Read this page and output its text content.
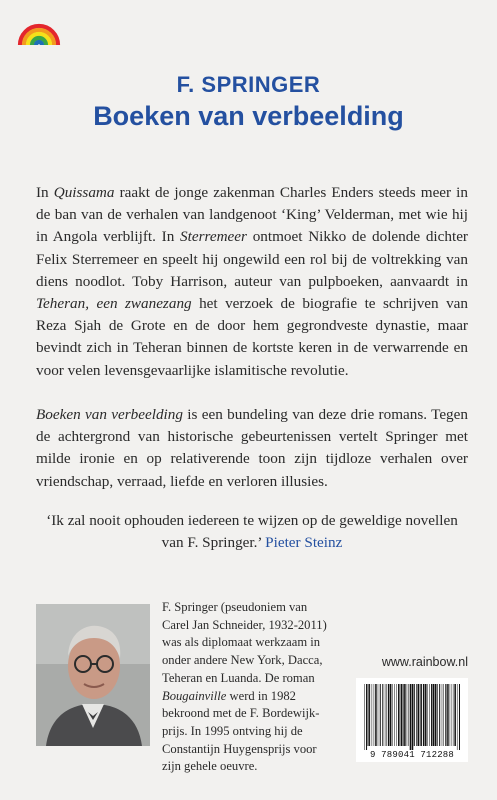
F. SPRINGER
Boeken van verbeelding

In Quissama raakt de jonge zakenman Charles Enders steeds meer in de ban van de verhalen van landgenoot ‘King’ Velderman, met wie hij in Angola verblijft. In Sterremeer ontmoet Nikko de dolende dichter Felix Sterremeer en speelt hij ongewild een rol bij de voltrekking van diens noodlot. Toby Harrison, auteur van pulpboeken, aanvaardt in Teheran, een zwanezang het verzoek de biografie te schrijven van Reza Sjah de Grote en de door hem gegrondveste dynastie, maar bevindt zich in Teheran binnen de kortste keren in de verwarrende en voor velen levensgevaarlijke islamitische revolutie.

Boeken van verbeelding is een bundeling van deze drie romans. Tegen de achtergrond van historische gebeurtenissen vertelt Springer met milde ironie en op relativerende toon zijn tijdloze verhalen over vriendschap, verraad, liefde en verloren illusies.

‘Ik zal nooit ophouden iedereen te wijzen op de geweldige novellen van F. Springer.’ Pieter Steinz

F. Springer (pseudoniem van Carel Jan Schneider, 1932-2011) was als diplomaat werkzaam in onder andere New York, Dacca, Teheran en Luanda. De roman Bougainville werd in 1982 bekroond met de F. Bordewijk-prijs. In 1995 ontving hij de Constantijn Huygensprijs voor zijn gehele oeuvre.

www.rainbow.nl
9 789041 712288
